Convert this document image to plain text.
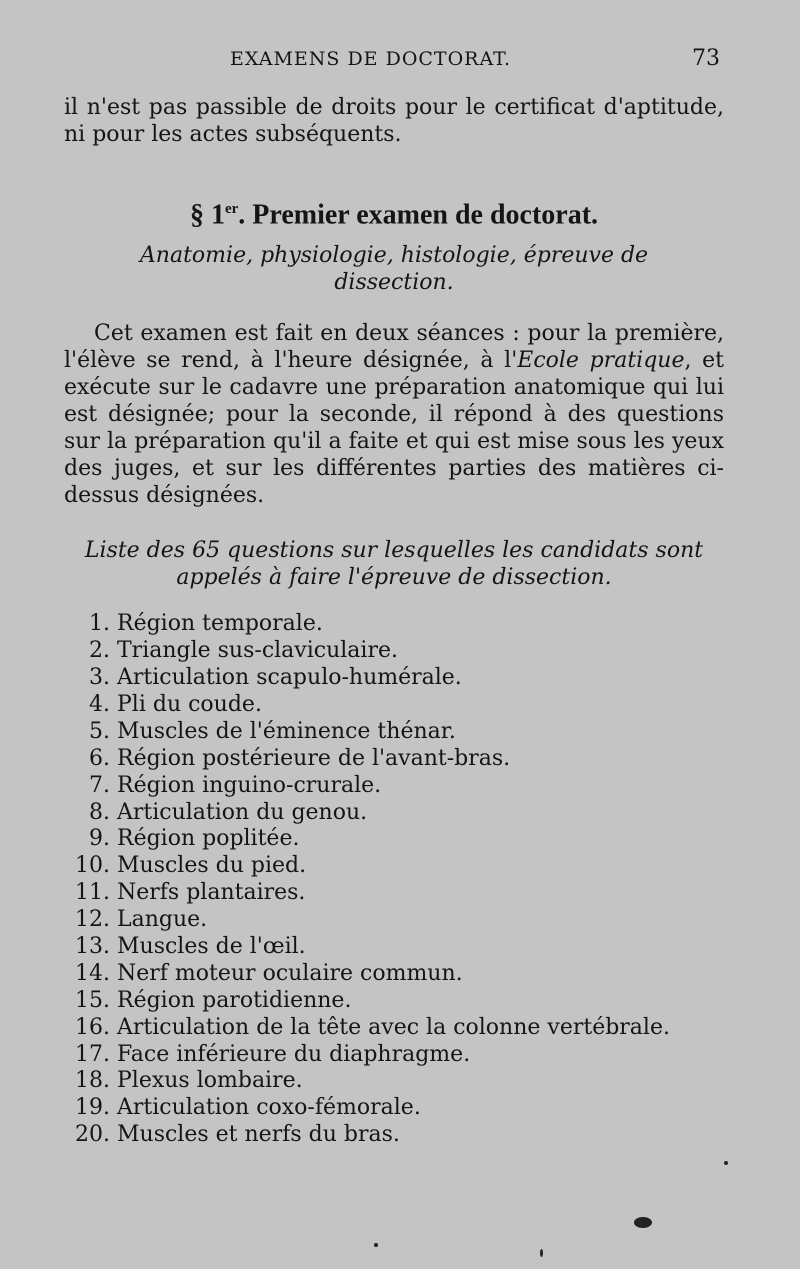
EXAMENS DE DOCTORAT.	73

il n'est pas passible de droits pour le certificat d'aptitude, ni pour les actes subséquents.

§ 1er. Premier examen de doctorat.

Anatomie, physiologie, histologie, épreuve de dissection.

Cet examen est fait en deux séances : pour la première, l'élève se rend, à l'heure désignée, à l'Ecole pratique, et exécute sur le cadavre une préparation anatomique qui lui est désignée; pour la seconde, il répond à des questions sur la préparation qu'il a faite et qui est mise sous les yeux des juges, et sur les différentes parties des matières ci-dessus désignées.

Liste des 65 questions sur lesquelles les candidats sont appelés à faire l'épreuve de dissection.

1. Région temporale.
2. Triangle sus-claviculaire.
3. Articulation scapulo-humérale.
4. Pli du coude.
5. Muscles de l'éminence thénar.
6. Région postérieure de l'avant-bras.
7. Région inguino-crurale.
8. Articulation du genou.
9. Région poplitée.
10. Muscles du pied.
11. Nerfs plantaires.
12. Langue.
13. Muscles de l'œil.
14. Nerf moteur oculaire commun.
15. Région parotidienne.
16. Articulation de la tête avec la colonne vertébrale.
17. Face inférieure du diaphragme.
18. Plexus lombaire.
19. Articulation coxo-fémorale.
20. Muscles et nerfs du bras.
